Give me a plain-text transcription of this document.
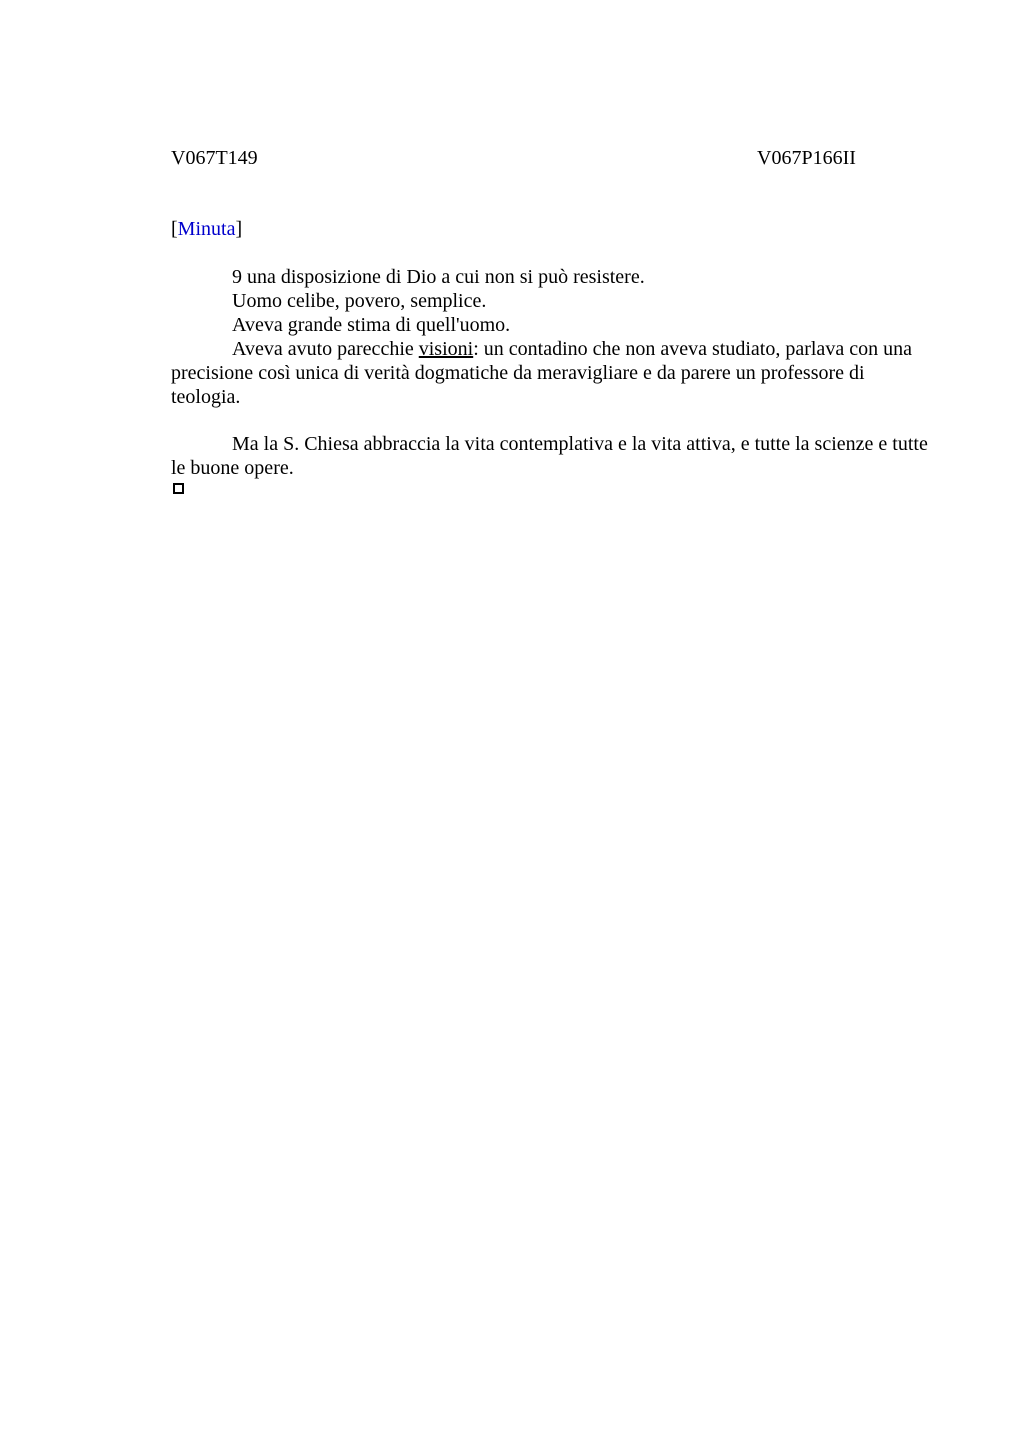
V067T149	V067P166II
[Minuta]

9 una disposizione di Dio a cui non si può resistere.

Uomo celibe, povero, semplice.

Aveva grande stima di quell'uomo.

Aveva avuto parecchie visioni: un contadino che non aveva studiato, parlava con una precisione così unica di verità dogmatiche da meravigliare e da parere un professore di teologia.

Ma la S. Chiesa abbraccia la vita contemplativa e la vita attiva, e tutte la scienze e tutte le buone opere.
